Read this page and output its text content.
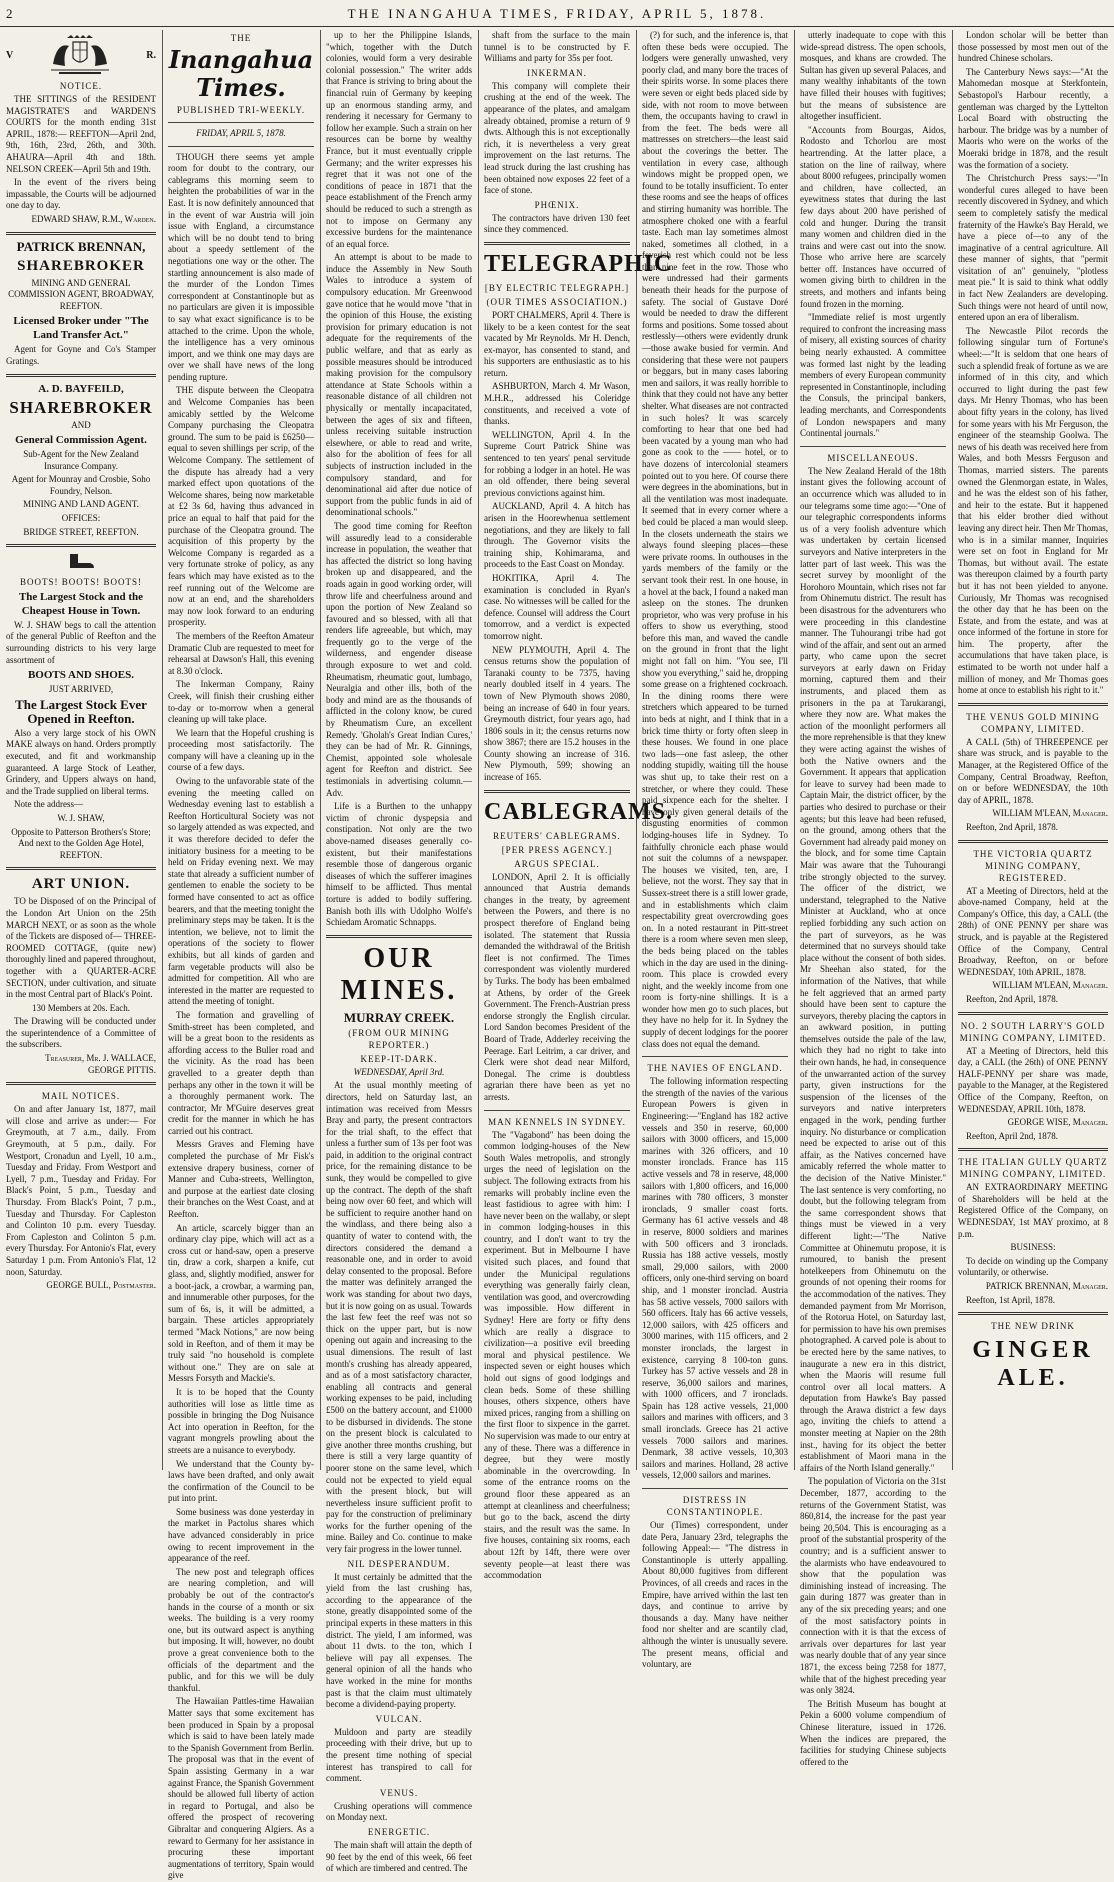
2	THE INANGAHUA TIMES, FRIDAY, APRIL 5, 1878.
V	R.
NOTICE.

THE SITTINGS of the RESIDENT MAGISTRATE'S and WARDEN'S COURTS for the month ending 31st APRIL, 1878:— REEFTON—April 2nd, 9th, 16th, 23rd, 26th, and 30th. AHAURA—April 4th and 18th. NELSON CREEK—April 5th and 19th.

In the event of the rivers being impassable, the Courts will be adjourned one day to day.

EDWARD SHAW, R.M., Warden.

PATRICK BRENNAN,
SHAREBROKER

MINING AND GENERAL COMMISSION AGENT, BROADWAY, REEFTON.

Licensed Broker under "The Land Transfer Act."

Agent for Goyne and Co's Stamper Gratings.

A. D. BAYFEILD,
SHAREBROKER

AND

General Commission Agent.

Sub-Agent for the New Zealand Insurance Company.

Agent for Mounray and Crosbie, Soho Foundry, Nelson.

MINING AND LAND AGENT.

OFFICES:

BRIDGE STREET, REEFTON.

BOOTS! BOOTS! BOOTS!
The Largest Stock and the Cheapest House in Town.

W. J. SHAW begs to call the attention of the general Public of Reefton and the surrounding districts to his very large assortment of

BOOTS AND SHOES.

JUST ARRIVED,

The Largest Stock Ever Opened in Reefton.

Also a very large stock of his OWN MAKE always on hand. Orders promptly executed, and fit and workmanship guaranteed. A large Stock of Leather, Grindery, and Uppers always on hand, and the Trade supplied on liberal terms.

Note the address—

W. J. SHAW,

Opposite to Patterson Brothers's Store; And next to the Golden Age Hotel, REEFTON.

ART UNION.

TO be Disposed of on the Principal of the London Art Union on the 25th MARCH NEXT, or as soon as the whole of the Tickets are disposed of— THREE-ROOMED COTTAGE, (quite new) thoroughly lined and papered throughout, together with a QUARTER-ACRE SECTION, under cultivation, and situate in the most Central part of Black's Point.

130 Members at 20s. Each.

The Drawing will be conducted under the superintendence of a Committee of the subscribers.

Treasurer, Mr. J. WALLACE, GEORGE PITTIS.

MAIL NOTICES.

On and after January 1st, 1877, mail will close and arrive as under:— For Greymouth, at 7 a.m., daily. From Greymouth, at 5 p.m., daily. For Westport, Cronadun and Lyell, 10 a.m., Tuesday and Friday. From Westport and Lyell, 7 p.m., Tuesday and Friday. For Black's Point, 5 p.m., Tuesday and Thursday. From Black's Point, 7 p.m., Tuesday and Thursday. For Capleston and Colinton 10 p.m. every Tuesday. From Capleston and Colinton 5 p.m. every Thursday. For Antonio's Flat, every Saturday 1 p.m. From Antonio's Flat, 12 noon, Saturday.

GEORGE BULL, Postmaster.

THE
Inangahua Times.
PUBLISHED TRI-WEEKLY.
FRIDAY, APRIL 5, 1878.

THOUGH there seems yet ample room for doubt to the contrary, our cablegrams this morning seem to heighten the probabilities of war in the East. It is now definitely announced that in the event of war Austria will join issue with England, a circumstance which will be no doubt tend to bring about a speedy settlement of the negotiations one way or the other. The startling announcement is also made of the murder of the London Times correspondent at Constantinople but as no particulars are given it is impossible to say what exact significance is to be attached to the crime. Upon the whole, the intelligence has a very ominous import, and we think one may days are over we shall have news of the long pending rupture.

THE dispute between the Cleopatra and Welcome Companies has been amicably settled by the Welcome Company purchasing the Cleopatra ground. The sum to be paid is £6250—equal to seven shillings per scrip, of the Welcome Company. The settlement of the dispute has already had a very marked effect upon quotations of the Welcome shares, being now marketable at £2 3s 6d, having thus advanced in price an equal to half that paid for the purchase of the Cleopatra ground. The acquisition of this property by the Welcome Company is regarded as a very fortunate stroke of policy, as any fears which may have existed as to the reef running out of the Welcome are now at an end, and the shareholders may now look forward to an enduring prosperity.

The members of the Reefton Amateur Dramatic Club are requested to meet for rehearsal at Dawson's Hall, this evening at 8.30 o'clock.

The Inkerman Company, Rainy Creek, will finish their crushing either to-day or to-morrow when a general cleaning up will take place.

We learn that the Hopeful crushing is proceeding most satisfactorily. The company will have a cleaning up in the course of a few days.

Owing to the unfavorable state of the evening the meeting called on Wednesday evening last to establish a Reefton Horticultural Society was not so largely attended as was expected, and it was therefore decided to defer the initiatory business for a meeting to be held on Friday evening next. We may state that already a sufficient number of gentlemen to enable the society to be formed have consented to act as office bearers, and that the meeting tonight the preliminary steps may be taken. It is the intention, we believe, not to limit the operations of the society to flower exhibits, but all kinds of garden and farm vegetable products will also be admitted for competition. All who are interested in the matter are requested to attend the meeting of tonight.

The formation and gravelling of Smith-street has been completed, and will be a great boon to the residents as affording access to the Buller road and the vicinity. As the road has been gravelled to a greater depth than perhaps any other in the town it will be a thoroughly permanent work. The contractor, Mr M'Guire deserves great credit for the manner in which he has carried out his contract.

Messrs Graves and Fleming have completed the purchase of Mr Fisk's extensive drapery business, corner of Manner and Cuba-streets, Wellington, and purpose at the earliest date closing their branches on the West Coast, and at Reefton.

An article, scarcely bigger than an ordinary clay pipe, which will act as a cross cut or hand-saw, open a preserve tin, draw a cork, sharpen a knife, cut glass, and, slightly modified, answer for a boot-jack, a crowbar, a warming pan, and innumerable other purposes, for the sum of 6s, is, it will be admitted, a bargain. These articles appropriately termed "Mack Notions," are now being sold in Reefton, and of them it may be truly said "no household is complete without one." They are on sale at Messrs Forsyth and Mackie's.

It is to be hoped that the County authorities will lose as little time as possible in bringing the Dog Nuisance Act into operation in Reefton, for the vagrant mongrels prowling about the streets are a nuisance to everybody.

We understand that the County by-laws have been drafted, and only await the confirmation of the Council to be put into print.

Some business was done yesterday in the market in Pactolus shares which have advanced considerably in price owing to recent improvement in the appearance of the reef.

The new post and telegraph offices are nearing completion, and will probably be out of the contractor's hands in the course of a month or six weeks. The building is a very roomy one, but its outward aspect is anything but imposing. It will, however, no doubt prove a great convenience both to the officials of the department and the public, and for this we will be duly thankful.

The Hawaiian Pattles-time Hawaiian Matter says that some excitement has been produced in Spain by a proposal which is said to have been lately made to the Spanish Government from Berlin. The proposal was that in the event of Spain assisting Germany in a war against France, the Spanish Government should be allowed full liberty of action in regard to Portugal, and also be offered the prospect of recovering Gibraltar and conquering Algiers. As a reward to Germany for her assistance in procuring these important augmentations of territory, Spain would give

up to her the Philippine Islands, "which, together with the Dutch colonies, would form a very desirable colonial possession." The writer adds that France is striving to bring about the financial ruin of Germany by keeping up an enormous standing army, and rendering it necessary for Germany to follow her example. Such a strain on her resources can be borne by wealthy France, but it must eventually cripple Germany; and the writer expresses his regret that it was not one of the conditions of peace in 1871 that the peace establishment of the French army should be reduced to such a strength as not to impose on Germany any excessive burdens for the maintenance of an equal force.

An attempt is about to be made to induce the Assembly in New South Wales to introduce a system of compulsory education. Mr Greenwood gave notice that he would move "that in the opinion of this House, the existing provision for primary education is not adequate for the requirements of the public welfare, and that as early as possible measures should be introduced making provision for the compulsory attendance at State Schools within a reasonable distance of all children not physically or mentally incapacitated, between the ages of six and fifteen, unless receiving suitable instruction elsewhere, or able to read and write, also for the abolition of fees for all subjects of instruction included in the compulsory standard, and for denominational aid after due notice of support from the public funds in aid of denominational schools."

The good time coming for Reefton will assuredly lead to a considerable increase in population, the weather that has affected the district so long having broken up and disappeared, and the roads again in good working order, will throw life and cheerfulness around and upon the portion of New Zealand so favoured and so blessed, with all that renders life agreeable, but which, may frequently go to the verge of the wilderness, and engender disease through exposure to wet and cold. Rheumatism, rheumatic gout, lumbago, Neuralgia and other ills, both of the body and mind are as the thousands of afflicted in the colony know, be cured by Rheumatism Cure, an excellent Remedy. 'Gholah's Great Indian Cures,' they can be had of Mr. R. Ginnings, Chemist, appointed sole wholesale agent for Reefton and district. See testimonials in advertising column.—Adv.

Life is a Burthen to the unhappy victim of chronic dyspepsia and constipation. Not only are the two above-named diseases generally co-existent, but their manifestations resemble those of dangerous organic diseases of which the sufferer imagines himself to be afflicted. Thus mental torture is added to bodily suffering. Banish both ills with Udolpho Wolfe's Schiedam Aromatic Schnapps.

OUR MINES.
MURRAY CREEK.
(FROM OUR MINING REPORTER.)
KEEP-IT-DARK.
WEDNESDAY, April 3rd.

At the usual monthly meeting of directors, held on Saturday last, an intimation was received from Messrs Bray and party, the present contractors for the trial shaft, to the effect that unless a further sum of 13s per foot was paid, in addition to the original contract price, for the remaining distance to be sunk, they would be compelled to give up the contract. The depth of the shaft being now over 60 feet, and which will be sufficient to require another hand on the windlass, and there being also a quantity of water to contend with, the directors considered the demand a reasonable one, and in order to avoid delay consented to the proposal. Before the matter was definitely arranged the work was standing for about two days, but it is now going on as usual. Towards the last few feet the reef was not so thick on the upper part, but is now opening out again and increasing to the usual dimensions. The result of last month's crushing has already appeared, and as of a most satisfactory character, enabling all contracts and general working expenses to be paid, including £500 on the battery account, and £1000 to be disbursed in dividends. The stone on the present block is calculated to give another three months crushing, but there is still a very large quantity of poorer stone on the same level, which could not be expected to yield equal with the present block, but will nevertheless insure sufficient profit to pay for the construction of preliminary works for the further opening of the mine. Bailey and Co. continue to make very fair progress in the lower tunnel.

NIL DESPERANDUM.

It must certainly be admitted that the yield from the last crushing has, according to the appearance of the stone, greatly disappointed some of the principal experts in these matters in this district. The yield, I am informed, was about 11 dwts. to the ton, which I believe will pay all expenses. The general opinion of all the hands who have worked in the mine for months past is that the claim must ultimately become a dividend-paying property.

VULCAN.

Muldoon and party are steadily proceeding with their drive, but up to the present time nothing of special interest has transpired to call for comment.

VENUS.

Crushing operations will commence on Monday next.

ENERGETIC.

The main shaft will attain the depth of 90 feet by the end of this week, 66 feet of which are timbered and centred. The

shaft from the surface to the main tunnel is to be constructed by F. Williams and party for 35s per foot.

INKERMAN.

This company will complete their crushing at the end of the week. The appearance of the plates, and amalgam already obtained, promise a return of 9 dwts. Although this is not exceptionally rich, it is nevertheless a very great improvement on the last returns. The lead struck during the last crushing has been obtained now exposes 22 feet of a face of stone.

PHŒNIX.

The contractors have driven 130 feet since they commenced.

TELEGRAPHIC
[BY ELECTRIC TELEGRAPH.]
(OUR TIMES ASSOCIATION.)

PORT CHALMERS, April 4. There is likely to be a keen contest for the seat vacated by Mr Reynolds. Mr H. Dench, ex-mayor, has consented to stand, and his supporters are enthusiastic as to his return.

ASHBURTON, March 4. Mr Wason, M.H.R., addressed his Coleridge constituents, and received a vote of thanks.

WELLINGTON, April 4. In the Supreme Court Patrick Shine was sentenced to ten years' penal servitude for robbing a lodger in an hotel. He was an old offender, there being several previous convictions against him.

AUCKLAND, April 4. A hitch has arisen in the Hoorewhenua settlement negotiations, and they are likely to fall through. The Governor visits the training ship, Kohimarama, and proceeds to the East Coast on Monday.

HOKITIKA, April 4. The examination is concluded in Ryan's case. No witnesses will be called for the defence. Counsel will address the Court tomorrow, and a verdict is expected tomorrow night.

NEW PLYMOUTH, April 4. The census returns show the population of Taranaki county to be 7375, having nearly doubled itself in 4 years. The town of New Plymouth shows 2080, being an increase of 640 in four years. Greymouth district, four years ago, had 1806 souls in it; the census returns now show 3867; there are 15.2 houses in the County showing an increase of 316. New Plymouth, 599; showing an increase of 165.

CABLEGRAMS.
REUTERS' CABLEGRAMS.
[PER PRESS AGENCY.]
ARGUS SPECIAL.

LONDON, April 2. It is officially announced that Austria demands changes in the treaty, by agreement between the Powers, and there is no prospect therefore of England being isolated. The statement that Russia demanded the withdrawal of the British fleet is not confirmed. The Times correspondent was violently murdered by Turks. The body has been embalmed at Athens, by order of the Greek Government. The French-Austrian press endorse strongly the English circular. Lord Sandon becomes President of the Board of Trade, Adderley receiving the Peerage. Earl Leitrim, a car driver, and Clerk were shot dead near Milford, Donegal. The crime is doubtless agrarian there have been as yet no arrests.

MAN KENNELS IN SYDNEY.

The "Vagabond" has been doing the common lodging-houses of the New South Wales metropolis, and strongly urges the need of legislation on the subject. The following extracts from his remarks will probably incline even the least fastidious to agree with him: I have never been on the wallaby, or slept in common lodging-houses in this country, and I don't want to try the experiment. But in Melbourne I have visited such places, and found that under the Municipal regulations everything was generally fairly clean, ventilation was good, and overcrowding was impossible. How different in Sydney! Here are forty or fifty dens which are really a disgrace to civilization—a positive evil breeding moral and physical pestilence. We inspected seven or eight houses which hold out signs of good lodgings and clean beds. Some of these shilling houses, others sixpence, others have mixed prices, ranging from a shilling on the first floor to sixpence in the garret. No supervision was made to our entry at any of these. There was a difference in degree, but they were mostly abominable in the overcrowding. In some of the entrance rooms on the ground floor these appeared as an attempt at cleanliness and cheerfulness; but go to the back, ascend the dirty stairs, and the result was the same. In five houses, containing six rooms, each about 12ft by 14ft, there were over seventy people—at least there was accommodation

(?) for such, and the inference is, that often these beds were occupied. The lodgers were generally unwashed, very poorly clad, and many bore the traces of their spirits worse. In some places there were seven or eight beds placed side by side, with not room to move between them, the occupants having to crawl in from the feet. The beds were all mattresses on stretchers—the least said about the coverings the better. The ventilation in every case, although windows might be propped open, we found to be totally insufficient. To enter these rooms and see the heaps of offices and stirring humanity was horrible. The atmosphere choked one with a fearful taste. Each man lay sometimes almost naked, sometimes all clothed, in a feverish rest which could not be less than nine feet in the row. Those who were undressed had their garments beneath their heads for the purpose of safety. The social of Gustave Doré would be needed to draw the different forms and positions. Some tossed about restlessly—others were evidently drunk—those awake busied for vermin. And considering that these were not paupers or beggars, but in many cases laboring men and sailors, it was really horrible to think that they could not have any better shelter. What diseases are not contracted in such holes? It was scarcely comforting to hear that one bed had been vacated by a young man who had gone as cook to the —— hotel, or to have dozens of intercolonial steamers pointed out to you here. Of course there were degrees in the abominations, but in all the ventilation was most inadequate. It seemed that in every corner where a bed could be placed a man would sleep. In the closets underneath the stairs we always found sleeping places—these were private rooms. In outhouses in the yards members of the family or the servant took their rest. In one house, in a hovel at the back, I found a naked man asleep on the stones. The drunken proprietor, who was very profuse in his offers to show us everything, stood before this man, and waved the candle on the ground in front that the light might not fall on him. "You see, I'll show you everything," said he, dropping some grease on a frightened cockroach. In the dining rooms there were stretchers which appeared to be turned into beds at night, and I think that in a brick time thirty or forty often sleep in these houses. We found in one place two lads—one fast asleep, the other nodding stupidly, waiting till the house was shut up, to take their rest on a stretcher, or where they could. These paid sixpence each for the shelter. I have only given general details of the disgusting enormities of common lodging-houses life in Sydney. To faithfully chronicle each phase would not suit the columns of a newspaper. The houses we visited, ten, are, I believe, not the worst. They say that in Sussex-street there is a still lower grade, and in establishments which claim respectability great overcrowding goes on. In a noted restaurant in Pitt-street there is a room where seven men sleep, the beds being placed on the tables which in the day are used in the dining-room. This place is crowded every night, and the weekly income from one room is forty-nine shillings. It is a wonder how men go to such places, but they have no help for it. In Sydney the supply of decent lodgings for the poorer class does not equal the demand.

THE NAVIES OF ENGLAND.

The following information respecting the strength of the navies of the various European Powers is given in Engineering:—"England has 182 active vessels and 350 in reserve, 60,000 sailors with 3000 officers, and 15,000 marines with 326 officers, and 10 monster ironclads. France has 115 active vessels and 78 in reserve, 48,000 sailors with 1,800 officers, and 16,000 marines with 780 officers, 3 monster ironclads, 9 smaller coast forts. Germany has 61 active vessels and 48 in reserve, 8000 soldiers and marines with 500 officers and 3 ironclads. Russia has 188 active vessels, mostly small, 29,000 sailors, with 2000 officers, only one-third serving on board ship, and 1 monster ironclad. Austria has 58 active vessels, 7000 sailors with 560 officers. Italy has 66 active vessels, 12,000 sailors, with 425 officers and 3000 marines, with 115 officers, and 2 monster ironclads, the largest in existence, carrying 8 100-ton guns. Turkey has 57 active vessels and 28 in reserve, 36,000 sailors and marines, with 1000 officers, and 7 ironclads. Spain has 128 active vessels, 21,000 sailors and marines with officers, and 3 small ironclads. Greece has 21 active vessels 7000 sailors and marines. Denmark, 38 active vessels, 10,303 sailors and marines. Holland, 28 active vessels, 12,000 sailors and marines.

DISTRESS IN CONSTANTINOPLE.

Our (Times) correspondent, under date Pera, January 23rd, telegraphs the following Appeal:— "The distress in Constantinople is utterly appalling. About 80,000 fugitives from different Provinces, of all creeds and races in the Empire, have arrived within the last ten days, and continue to arrive by thousands a day. Many have neither food nor shelter and are scantily clad, although the winter is unusually severe. The present means, official and voluntary, are

utterly inadequate to cope with this wide-spread distress. The open schools, mosques, and khans are crowded. The Sultan has given up several Palaces, and many wealthy inhabitants of the town have filled their houses with fugitives; but the means of subsistence are altogether insufficient.

"Accounts from Bourgas, Aidos, Rodosto and Tchorlou are most heartrending. At the latter place, a station on the line of railway, where about 8000 refugees, principally women and children, have collected, an eyewitness states that during the last few days about 200 have perished of cold and hunger. During the transit many women and children died in the trains and were cast out into the snow. Those who arrive here are scarcely better off. Instances have occurred of women giving birth to children in the streets, and mothers and infants being found frozen in the morning.

"Immediate relief is most urgently required to confront the increasing mass of misery, all existing sources of charity being nearly exhausted. A committee was formed last night by the leading members of every European community represented in Constantinople, including the Consuls, the principal bankers, leading merchants, and Correspondents of London newspapers and many Continental journals."

MISCELLANEOUS.

The New Zealand Herald of the 18th instant gives the following account of an occurrence which was alluded to in our telegrams some time ago:—"One of our telegraphic correspondents informs us of a very foolish adventure which was undertaken by certain licensed surveyors and Native interpreters in the latter part of last week. This was the secret survey by moonlight of the Horohoro Mountain, which rises not far from Ohinemutu district. The result has been disastrous for the adventurers who were proceeding in this clandestine manner. The Tuhourangi tribe had got wind of the affair, and sent out an armed party, who came upon the secret surveyors at early dawn on Friday morning, captured them and their instruments, and placed them as prisoners in the pa at Tarukarangi, where they now are. What makes the action of the moonlight performers all the more reprehensible is that they knew they were acting against the wishes of both the Native owners and the Government. It appears that application for leave to survey had been made to Captain Mair, the district officer, by the parties who desired to purchase or their agents; but this leave had been refused, on the ground, among others that the Government had already paid money on the block, and for some time Captain Mair was aware that the Tuhourangi tribe strongly objected to the survey. The officer of the district, we understand, telegraphed to the Native Minister at Auckland, who at once replied forbidding any such action on the part of surveyors, as he was determined that no surveys should take place without the consent of both sides. Mr Sheehan also stated, for the information of the Natives, that while he felt aggrieved that an armed party should have been sent to capture the surveyors, thereby placing the captors in an awkward position, in putting themselves outside the pale of the law, which they had no right to take into their own hands, he had, in consequence of the unwarranted action of the survey party, given instructions for the suspension of the licenses of the surveyors and native interpreters engaged in the work, pending further inquiry. No disturbance or complication need be expected to arise out of this affair, as the Natives concerned have amicably referred the whole matter to the decision of the Native Minister." The last sentence is very comforting, no doubt, but the following telegram from the same correspondent shows that things must be viewed in a very different light:—"The Native Committee at Ohinemutu propose, it is rumoured, to banish the present hotelkeepers from Ohinemutu on the grounds of not opening their rooms for the accommodation of the natives. They demanded payment from Mr Morrison, of the Rotorua Hotel, on Saturday last, for permission to have his own premises photographed. A carved pole is about to be erected here by the same natives, to inaugurate a new era in this district, when the Maoris will resume full control over all local matters. A deputation from Hawke's Bay passed through the Arawa district a few days ago, inviting the chiefs to attend a monster meeting at Napier on the 28th inst., having for its object the better establishment of Maori mana in the affairs of the North Island generally."

The population of Victoria on the 31st December, 1877, according to the returns of the Government Statist, was 860,814, the increase for the past year being 20,504. This is encouraging as a proof of the substantial prosperity of the country; and is a sufficient answer to the alarmists who have endeavoured to show that the population was diminishing instead of increasing. The gain during 1877 was greater than in any of the six preceding years; and one of the most satisfactory points in connection with it is that the excess of arrivals over departures for last year was nearly double that of any year since 1871, the excess being 7258 for 1877, while that of the highest preceding year was only 3824.

The British Museum has bought at Pekin a 6000 volume compendium of Chinese literature, issued in 1726. When the indices are prepared, the facilities for studying Chinese subjects offered to the

London scholar will be better than those possessed by most men out of the hundred Chinese scholars.

The Canterbury News says:—"At the Mahomedan mosque at Sterkfontein, Sebastopol's Harbour recently, a gentleman was charged by the Lyttelton Local Board with obstructing the harbour. The bridge was by a number of Maoris who were on the works of the Moeraki bridge in 1878, and the result was the formation of a society.

The Christchurch Press says:—"In wonderful cures alleged to have been recently discovered in Sydney, and which seem to completely satisfy the medical fraternity of the Hawke's Bay Herald, we have a piece of—to any of the imaginative of a central agriculture. All these manner of sights, that "permit visitation of an" genuinely, "plotless meat pie." It is said to think what oddly in fact New Zealanders are developing. Such things were not heard of until now, entered upon an era of liberalism.

The Newcastle Pilot records the following singular turn of Fortune's wheel:—"It is seldom that one hears of such a splendid freak of fortune as we are informed of in this city, and which occurred to light during the past few days. Mr Henry Thomas, who has been about fifty years in the colony, has lived for some years with his Mr Ferguson, the engineer of the steamship Goolwa. The news of his death was received here from Wales, and both Messrs Ferguson and Thomas, married sisters. The parents owned the Glenmorgan estate, in Wales, and he was the eldest son of his father, and heir to the estate. But it happened that his elder brother died without leaving any direct heir. Then Mr Thomas, who is in a similar manner, Inquiries were set on foot in England for Mr Thomas, but without avail. The estate was thereupon claimed by a fourth party but it has not been yielded to anyone. Curiously, Mr Thomas was recognised the other day that he has been on the Estate, and from the estate, and was at once informed of the fortune in store for him. The property, after the accumulations that have taken place, is estimated to be worth not under half a million of money, and Mr Thomas goes home at once to establish his right to it."

THE VENUS GOLD MINING COMPANY, LIMITED.

A CALL (5th) of THREEPENCE per share was struck, and is payable to the Manager, at the Registered Office of the Company, Central Broadway, Reefton, on or before WEDNESDAY, the 10th day of APRIL, 1878.

WILLIAM M'LEAN, Manager.

Reefton, 2nd April, 1878.

THE VICTORIA QUARTZ MINING COMPANY, REGISTERED.

AT a Meeting of Directors, held at the above-named Company, held at the Company's Office, this day, a CALL (the 28th) of ONE PENNY per share was struck, and is payable at the Registered Office of the Company, Central Broadway, Reefton, on or before WEDNESDAY, 10th APRIL, 1878.

WILLIAM M'LEAN, Manager.

Reefton, 2nd April, 1878.

NO. 2 SOUTH LARRY'S GOLD MINING COMPANY, LIMITED.

AT a Meeting of Directors, held this day, a CALL (the 26th) of ONE PENNY HALF-PENNY per share was made, payable to the Manager, at the Registered Office of the Company, Reefton, on WEDNESDAY, APRIL 10th, 1878.

GEORGE WISE, Manager.

Reefton, April 2nd, 1878.

THE ITALIAN GULLY QUARTZ MINING COMPANY, LIMITED.

AN EXTRAORDINARY MEETING of Shareholders will be held at the Registered Office of the Company, on WEDNESDAY, 1st MAY proximo, at 8 p.m.

BUSINESS:

To decide on winding up the Company voluntarily, or otherwise.

PATRICK BRENNAN, Manager.

Reefton, 1st April, 1878.

THE NEW DRINK
GINGER ALE.
